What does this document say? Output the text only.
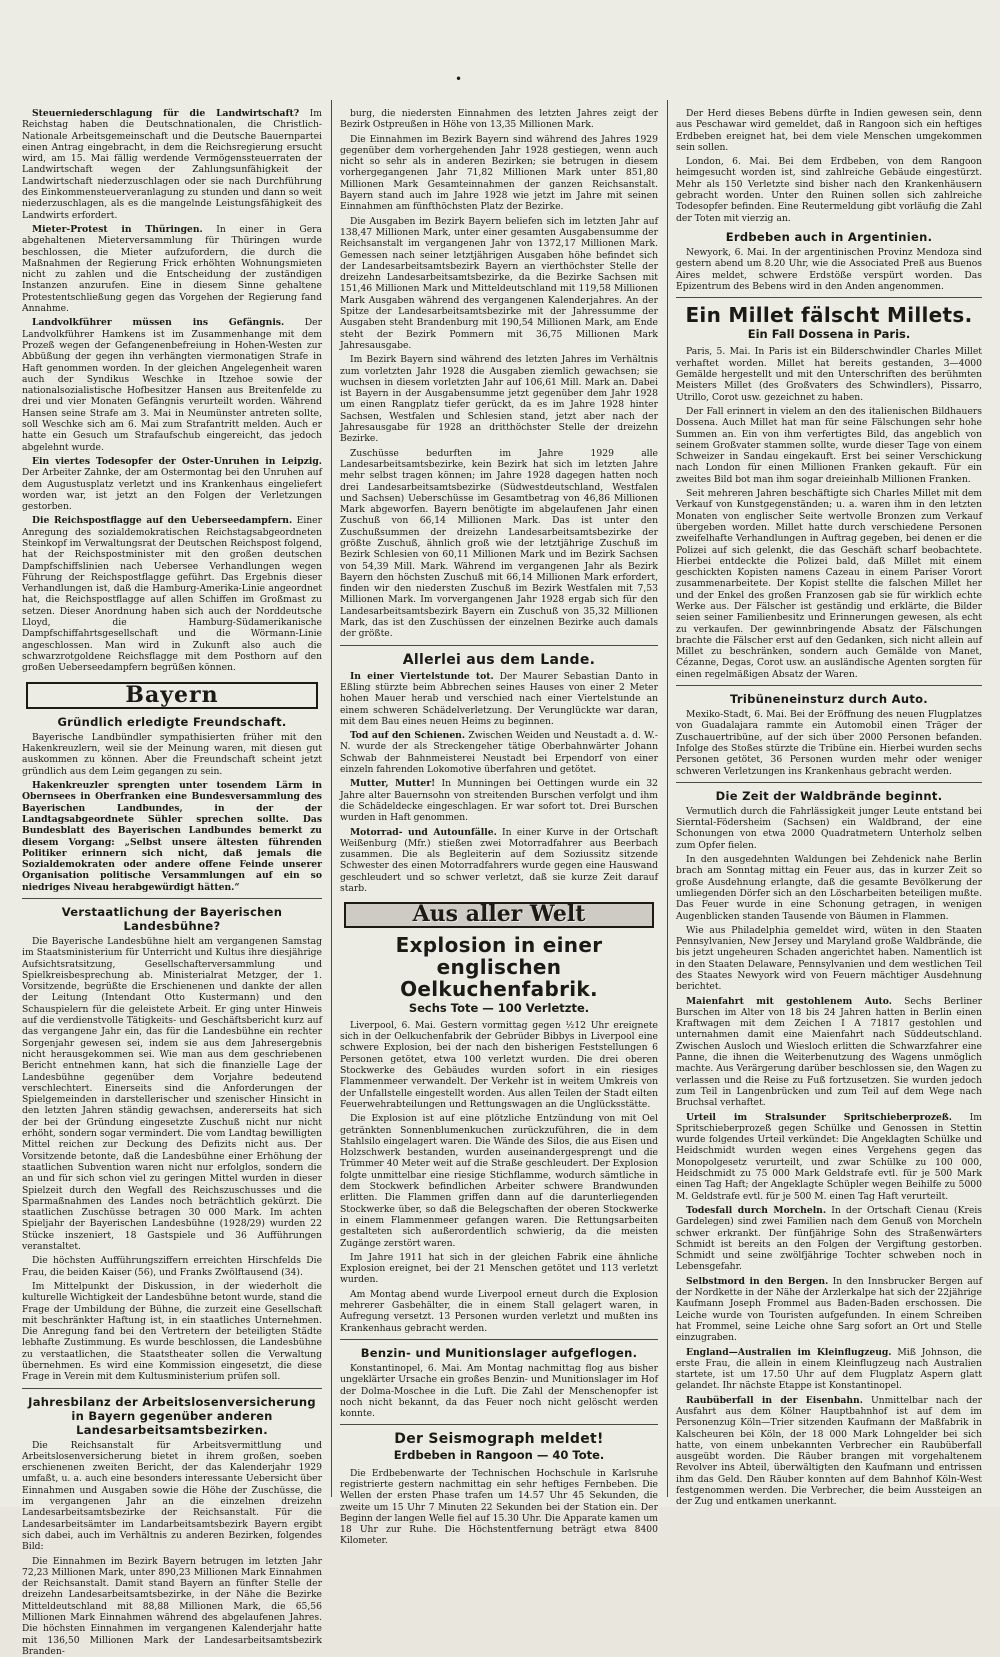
•

Steuerniederschlagung für die Landwirtschaft? Im Reichstag haben die Deutschnationalen, die Christlich-Nationale Arbeitsgemeinschaft und die Deutsche Bauernpartei einen Antrag eingebracht, in dem die Reichsregierung ersucht wird, am 15. Mai fällig werdende Vermögenssteuerraten der Landwirtschaft wegen der Zahlungsunfähigkeit der Landwirtschaft niederzuschlagen oder sie nach Durchführung des Einkommensteuerveranlagung zu stunden und dann so weit niederzuschlagen, als es die mangelnde Leistungsfähigkeit des Landwirts erfordert.

Mieter-Protest in Thüringen. In einer in Gera abgehaltenen Mieterversammlung für Thüringen wurde beschlossen, die Mieter aufzufordern, die durch die Maßnahmen der Regierung Frick erhöhten Wohnungsmieten nicht zu zahlen und die Entscheidung der zuständigen Instanzen anzurufen. Eine in diesem Sinne gehaltene Protestentschließung gegen das Vorgehen der Regierung fand Annahme.

Landvolkführer müssen ins Gefängnis. Der Landvolkführer Hamkens ist im Zusammenhange mit dem Prozeß wegen der Gefangenenbefreiung in Hohen-Westen zur Abbüßung der gegen ihn verhängten viermonatigen Strafe in Haft genommen worden. In der gleichen Angelegenheit waren auch der Syndikus Weschke in Itzehoe sowie der nationalsozialistische Hofbesitzer Hansen aus Breitenfelde zu drei und vier Monaten Gefängnis verurteilt worden. Während Hansen seine Strafe am 3. Mai in Neumünster antreten sollte, soll Weschke sich am 6. Mai zum Strafantritt melden. Auch er hatte ein Gesuch um Strafaufschub eingereicht, das jedoch abgelehnt wurde.

Ein viertes Todesopfer der Oster-Unruhen in Leipzig. Der Arbeiter Zahnke, der am Ostermontag bei den Unruhen auf dem Augustusplatz verletzt und ins Krankenhaus eingeliefert worden war, ist jetzt an den Folgen der Verletzungen gestorben.

Die Reichspostflagge auf den Ueberseedampfern. Einer Anregung des sozialdemokratischen Reichstagsabgeordneten Steinkopf im Verwaltungsrat der Deutschen Reichspost folgend, hat der Reichspostminister mit den großen deutschen Dampfschiffslinien nach Uebersee Verhandlungen wegen Führung der Reichspostflagge geführt. Das Ergebnis dieser Verhandlungen ist, daß die Hamburg-Amerika-Linie angeordnet hat, die Reichspostflagge auf allen Schiffen im Großmast zu setzen. Dieser Anordnung haben sich auch der Norddeutsche Lloyd, die Hamburg-Südamerikanische Dampfschiffahrtsgesellschaft und die Wörmann-Linie angeschlossen. Man wird in Zukunft also auch die schwarzrotgoldene Reichsflagge mit dem Posthorn auf den großen Ueberseedampfern begrüßen können.

Bayern
Gründlich erledigte Freundschaft.

Bayerische Landbündler sympathisierten früher mit den Hakenkreuzlern, weil sie der Meinung waren, mit diesen gut auskommen zu können. Aber die Freundschaft scheint jetzt gründlich aus dem Leim gegangen zu sein.

Hakenkreuzler sprengten unter tosendem Lärm in Obernsees in Oberfranken eine Bundesversammlung des Bayerischen Landbundes, in der der Landtagsabgeordnete Sühler sprechen sollte. Das Bundesblatt des Bayerischen Landbundes bemerkt zu diesem Vorgang: „Selbst unsere ältesten führenden Politiker erinnern sich nicht, daß jemals die Sozialdemokraten oder andere offene Feinde unserer Organisation politische Versammlungen auf ein so niedriges Niveau herabgewürdigt hätten.“

Verstaatlichung der Bayerischen Landesbühne?

Die Bayerische Landesbühne hielt am vergangenen Samstag im Staatsministerium für Unterricht und Kultus ihre diesjährige Aufsichtsratsitzung, Gesellschafterversammlung und Spielkreisbesprechung ab. Ministerialrat Metzger, der 1. Vorsitzende, begrüßte die Erschienenen und dankte der allen der Leitung (Intendant Otto Kustermann) und den Schauspielern für die geleistete Arbeit. Er ging unter Hinweis auf die verdienstvolle Tätigkeits- und Geschäftsbericht kurz auf das vergangene Jahr ein, das für die Landesbühne ein rechter Sorgenjahr gewesen sei, indem sie aus dem Jahresergebnis nicht herausgekommen sei. Wie man aus dem geschriebenen Bericht entnehmen kann, hat sich die finanzielle Lage der Landesbühne gegenüber dem Vorjahre bedeutend verschlechtert. Einerseits sind die Anforderungen der Spielgemeinden in darstellerischer und szenischer Hinsicht in den letzten Jahren ständig gewachsen, andererseits hat sich der bei der Gründung eingesetzte Zuschuß nicht nur nicht erhöht, sondern sogar vermindert. Die vom Landtag bewilligten Mittel reichen zur Deckung des Defizits nicht aus. Der Vorsitzende betonte, daß die Landesbühne einer Erhöhung der staatlichen Subvention waren nicht nur erfolglos, sondern die an und für sich schon viel zu geringen Mittel wurden in dieser Spielzeit durch den Wegfall des Reichszuschusses und die Sparmaßnahmen des Landes noch beträchtlich gekürzt. Die staatlichen Zuschüsse betragen 30 000 Mark. Im achten Spieljahr der Bayerischen Landesbühne (1928/29) wurden 22 Stücke inszeniert, 18 Gastspiele und 36 Aufführungen veranstaltet.

Die höchsten Aufführungsziffern erreichten Hirschfelds Die Frau, die beiden Kaiser (56), und Franks Zwölftausend (34).

Im Mittelpunkt der Diskussion, in der wiederholt die kulturelle Wichtigkeit der Landesbühne betont wurde, stand die Frage der Umbildung der Bühne, die zurzeit eine Gesellschaft mit beschränkter Haftung ist, in ein staatliches Unternehmen. Die Anregung fand bei den Vertretern der beteiligten Städte lebhafte Zustimmung. Es wurde beschlossen, die Landesbühne zu verstaatlichen, die Staatstheater sollen die Verwaltung übernehmen. Es wird eine Kommission eingesetzt, die diese Frage in Verein mit dem Kultusministerium prüfen soll.

Jahresbilanz der Arbeitslosenversicherung in Bayern gegenüber anderen Landesarbeitsamtsbezirken.

Die Reichsanstalt für Arbeitsvermittlung und Arbeitslosenversicherung bietet in ihrem großen, soeben erschienenen zweiten Bericht, der das Kalenderjahr 1929 umfaßt, u. a. auch eine besonders interessante Uebersicht über Einnahmen und Ausgaben sowie die Höhe der Zuschüsse, die im vergangenen Jahr an die einzelnen dreizehn Landesarbeitsamtsbezirke der Reichsanstalt. Für die Landesarbeitsämter im Landarbeitsamtsbezirk Bayern ergibt sich dabei, auch im Verhältnis zu anderen Bezirken, folgendes Bild:

Die Einnahmen im Bezirk Bayern betrugen im letzten Jahr 72,23 Millionen Mark, unter 890,23 Millionen Mark Einnahmen der Reichsanstalt. Damit stand Bayern an fünfter Stelle der dreizehn Landesarbeitsamtsbezirke, in der Nähe die Bezirke Mitteldeutschland mit 88,88 Millionen Mark, die 65,56 Millionen Mark Einnahmen während des abgelaufenen Jahres. Die höchsten Einnahmen im vergangenen Kalenderjahr hatte mit 136,50 Millionen Mark der Landesarbeitsamtsbezirk Branden-

burg, die niedersten Einnahmen des letzten Jahres zeigt der Bezirk Ostpreußen in Höhe von 13,35 Millionen Mark.

Die Einnahmen im Bezirk Bayern sind während des Jahres 1929 gegenüber dem vorhergehenden Jahr 1928 gestiegen, wenn auch nicht so sehr als in anderen Bezirken; sie betrugen in diesem vorhergegangenen Jahr 71,82 Millionen Mark unter 851,80 Millionen Mark Gesamteinnahmen der ganzen Reichsanstalt. Bayern stand auch im Jahre 1928 wie jetzt im Jahre mit seinen Einnahmen am fünfthöchsten Platz der Bezirke.

Die Ausgaben im Bezirk Bayern beliefen sich im letzten Jahr auf 138,47 Millionen Mark, unter einer gesamten Ausgabensumme der Reichsanstalt im vergangenen Jahr von 1372,17 Millionen Mark. Gemessen nach seiner letztjährigen Ausgaben höhe befindet sich der Landesarbeitsamtsbezirk Bayern an vierthöchster Stelle der dreizehn Landesarbeitsamtsbezirke, da die Bezirke Sachsen mit 151,46 Millionen Mark und Mitteldeutschland mit 119,58 Millionen Mark Ausgaben während des vergangenen Kalenderjahres. An der Spitze der Landesarbeitsamtsbezirke mit der Jahressumme der Ausgaben steht Brandenburg mit 190,54 Millionen Mark, am Ende steht der Bezirk Pommern mit 36,75 Millionen Mark Jahresausgabe.

Im Bezirk Bayern sind während des letzten Jahres im Verhältnis zum vorletzten Jahr 1928 die Ausgaben ziemlich gewachsen; sie wuchsen in diesem vorletzten Jahr auf 106,61 Mill. Mark an. Dabei ist Bayern in der Ausgabensumme jetzt gegenüber dem Jahr 1928 um einen Rangplatz tiefer gerückt, da es im Jahre 1928 hinter Sachsen, Westfalen und Schlesien stand, jetzt aber nach der Jahresausgabe für 1928 an dritthöchster Stelle der dreizehn Bezirke.

Zuschüsse bedurften im Jahre 1929 alle Landesarbeitsamtsbezirke, kein Bezirk hat sich im letzten Jahre mehr selbst tragen können; im Jahre 1928 dagegen hatten noch drei Landesarbeitsamtsbezirke (Südwestdeutschland, Westfalen und Sachsen) Ueberschüsse im Gesamtbetrag von 46,86 Millionen Mark abgeworfen. Bayern benötigte im abgelaufenen Jahr einen Zuschuß von 66,14 Millionen Mark. Das ist unter den Zuschußsummen der dreizehn Landesarbeitsamtsbezirke der größte Zuschuß, ähnlich groß wie der letztjährige Zuschuß im Bezirk Schlesien von 60,11 Millionen Mark und im Bezirk Sachsen von 54,39 Mill. Mark. Während im vergangenen Jahr als Bezirk Bayern den höchsten Zuschuß mit 66,14 Millionen Mark erfordert, finden wir den niedersten Zuschuß im Bezirk Westfalen mit 7,53 Millionen Mark. Im vorvergangenen Jahr 1928 ergab sich für den Landesarbeitsamtsbezirk Bayern ein Zuschuß von 35,32 Millionen Mark, das ist den Zuschüssen der einzelnen Bezirke auch damals der größte.

Allerlei aus dem Lande.

In einer Viertelstunde tot. Der Maurer Sebastian Danto in Eßling stürzte beim Abbrechen seines Hauses von einer 2 Meter hohen Mauer herab und verschied nach einer Viertelstunde an einem schweren Schädelverletzung. Der Verunglückte war daran, mit dem Bau eines neuen Heims zu beginnen.

Tod auf den Schienen. Zwischen Weiden und Neustadt a. d. W.-N. wurde der als Streckengeher tätige Oberbahnwärter Johann Schwab der Bahnmeisterei Neustadt bei Erpendorf von einer einzeln fahrenden Lokomotive überfahren und getötet.

Mutter, Mutter! In Munningen bei Oettingen wurde ein 32 Jahre alter Bauernsohn von streitenden Burschen verfolgt und ihm die Schädeldecke eingeschlagen. Er war sofort tot. Drei Burschen wurden in Haft genommen.

Motorrad- und Autounfälle. In einer Kurve in der Ortschaft Weißenburg (Mfr.) stießen zwei Motorradfahrer aus Beerbach zusammen. Die als Begleiterin auf dem Soziussitz sitzende Schwester des einen Motorradfahrers wurde gegen eine Hauswand geschleudert und so schwer verletzt, daß sie kurze Zeit darauf starb.

Aus aller Welt
Explosion in einer englischen Oelkuchenfabrik.
Sechs Tote — 100 Verletzte.

Liverpool, 6. Mai. Gestern vormittag gegen ½12 Uhr ereignete sich in der Oelkuchenfabrik der Gebrüder Bibbys in Liverpool eine schwere Explosion, bei der nach den bisherigen Feststellungen 6 Personen getötet, etwa 100 verletzt wurden. Die drei oberen Stockwerke des Gebäudes wurden sofort in ein riesiges Flammenmeer verwandelt. Der Verkehr ist in weitem Umkreis von der Unfallstelle eingestellt worden. Aus allen Teilen der Stadt eilten Feuerwehrabteilungen und Rettungswagen an die Unglücksstätte.

Die Explosion ist auf eine plötzliche Entzündung von mit Oel getränkten Sonnenblumenkuchen zurückzuführen, die in dem Stahlsilo eingelagert waren. Die Wände des Silos, die aus Eisen und Holzschwerk bestanden, wurden auseinandergesprengt und die Trümmer 40 Meter weit auf die Straße geschleudert. Der Explosion folgte unmittelbar eine riesige Stichflamme, wodurch sämtliche in dem Stockwerk befindlichen Arbeiter schwere Brandwunden erlitten. Die Flammen griffen dann auf die darunterliegenden Stockwerke über, so daß die Belegschaften der oberen Stockwerke in einem Flammenmeer gefangen waren. Die Rettungsarbeiten gestalteten sich außerordentlich schwierig, da die meisten Zugänge zerstört waren.

Im Jahre 1911 hat sich in der gleichen Fabrik eine ähnliche Explosion ereignet, bei der 21 Menschen getötet und 113 verletzt wurden.

Am Montag abend wurde Liverpool erneut durch die Explosion mehrerer Gasbehälter, die in einem Stall gelagert waren, in Aufregung versetzt. 13 Personen wurden verletzt und mußten ins Krankenhaus gebracht werden.

Benzin- und Munitionslager aufgeflogen.

Konstantinopel, 6. Mai. Am Montag nachmittag flog aus bisher ungeklärter Ursache ein großes Benzin- und Munitionslager im Hof der Dolma-Moschee in die Luft. Die Zahl der Menschenopfer ist noch nicht bekannt, da das Feuer noch nicht gelöscht werden konnte.

Der Seismograph meldet!
Erdbeben in Rangoon — 40 Tote.

Die Erdbebenwarte der Technischen Hochschule in Karlsruhe registrierte gestern nachmittag ein sehr heftiges Fernbeben. Die Wellen der ersten Phase trafen um 14.57 Uhr 45 Sekunden, die zweite um 15 Uhr 7 Minuten 22 Sekunden bei der Station ein. Der Beginn der langen Welle fiel auf 15.30 Uhr. Die Apparate kamen um 18 Uhr zur Ruhe. Die Höchstentfernung beträgt etwa 8400 Kilometer.

Der Herd dieses Bebens dürfte in Indien gewesen sein, denn aus Peschawar wird gemeldet, daß in Rangoon sich ein heftiges Erdbeben ereignet hat, bei dem viele Menschen umgekommen sein sollen.

London, 6. Mai. Bei dem Erdbeben, von dem Rangoon heimgesucht worden ist, sind zahlreiche Gebäude eingestürzt. Mehr als 150 Verletzte sind bisher nach den Krankenhäusern gebracht worden. Unter den Ruinen sollen sich zahlreiche Todesopfer befinden. Eine Reutermeldung gibt vorläufig die Zahl der Toten mit vierzig an.

Erdbeben auch in Argentinien.

Newyork, 6. Mai. In der argentinischen Provinz Mendoza sind gestern abend um 8.20 Uhr, wie die Associated Preß aus Buenos Aires meldet, schwere Erdstöße verspürt worden. Das Epizentrum des Bebens wird in den Anden angenommen.

Ein Millet fälscht Millets.
Ein Fall Dossena in Paris.

Paris, 5. Mai. In Paris ist ein Bilderschwindler Charles Millet verhaftet worden. Millet hat bereits gestanden, 3—4000 Gemälde hergestellt und mit den Unterschriften des berühmten Meisters Millet (des Großvaters des Schwindlers), Pissarro, Utrillo, Corot usw. gezeichnet zu haben.

Der Fall erinnert in vielem an den des italienischen Bildhauers Dossena. Auch Millet hat man für seine Fälschungen sehr hohe Summen an. Ein von ihm verfertigtes Bild, das angeblich von seinem Großvater stammen sollte, wurde dieser Tage von einem Schweizer in Sandau eingekauft. Erst bei seiner Verschickung nach London für einen Millionen Franken gekauft. Für ein zweites Bild bot man ihm sogar dreieinhalb Millionen Franken.

Seit mehreren Jahren beschäftigte sich Charles Millet mit dem Verkauf von Kunstgegenständen; u. a. waren ihm in den letzten Monaten von englischer Seite wertvolle Bronzen zum Verkauf übergeben worden. Millet hatte durch verschiedene Personen zweifelhafte Verhandlungen in Auftrag gegeben, bei denen er die Polizei auf sich gelenkt, die das Geschäft scharf beobachtete. Hierbei entdeckte die Polizei bald, daß Millet mit einem geschickten Kopisten namens Cazeau in einem Pariser Vorort zusammenarbeitete. Der Kopist stellte die falschen Millet her und der Enkel des großen Franzosen gab sie für wirklich echte Werke aus. Der Fälscher ist geständig und erklärte, die Bilder seien seiner Familienbesitz und Erinnerungen gewesen, als echt zu verkaufen. Der gewinnbringende Absatz der Fälschungen brachte die Fälscher erst auf den Gedanken, sich nicht allein auf Millet zu beschränken, sondern auch Gemälde von Manet, Cézanne, Degas, Corot usw. an ausländische Agenten sorgten für einen regelmäßigen Absatz der Waren.

Tribüneneinsturz durch Auto.

Mexiko-Stadt, 6. Mai. Bei der Eröffnung des neuen Flugplatzes von Guadalajara rammte ein Automobil einen Träger der Zuschauertribüne, auf der sich über 2000 Personen befanden. Infolge des Stoßes stürzte die Tribüne ein. Hierbei wurden sechs Personen getötet, 36 Personen wurden mehr oder weniger schweren Verletzungen ins Krankenhaus gebracht werden.

Die Zeit der Waldbrände beginnt.

Vermutlich durch die Fahrlässigkeit junger Leute entstand bei Sierntal-Födersheim (Sachsen) ein Waldbrand, der eine Schonungen von etwa 2000 Quadratmetern Unterholz selben zum Opfer fielen.

In den ausgedehnten Waldungen bei Zehdenick nahe Berlin brach am Sonntag mittag ein Feuer aus, das in kurzer Zeit so große Ausdehnung erlangte, daß die gesamte Bevölkerung der umliegenden Dörfer sich an den Löscharbeiten beteiligen mußte. Das Feuer wurde in eine Schonung getragen, in wenigen Augenblicken standen Tausende von Bäumen in Flammen.

Wie aus Philadelphia gemeldet wird, wüten in den Staaten Pennsylvanien, New Jersey und Maryland große Waldbrände, die bis jetzt ungeheuren Schaden angerichtet haben. Namentlich ist in den Staaten Delaware, Pennsylvanien und dem westlichen Teil des Staates Newyork wird von Feuern mächtiger Ausdehnung berichtet.

Maienfahrt mit gestohlenem Auto. Sechs Berliner Burschen im Alter von 18 bis 24 Jahren hatten in Berlin einen Kraftwagen mit dem Zeichen I A 71817 gestohlen und unternahmen damit eine Maienfahrt nach Süddeutschland. Zwischen Ausloch und Wiesloch erlitten die Schwarzfahrer eine Panne, die ihnen die Weiterbenutzung des Wagens unmöglich machte. Aus Verärgerung darüber beschlossen sie, den Wagen zu verlassen und die Reise zu Fuß fortzusetzen. Sie wurden jedoch zum Teil in Langenbrücken und zum Teil auf dem Wege nach Bruchsal verhaftet.

Urteil im Stralsunder Spritschieberprozeß. Im Spritschieberprozeß gegen Schülke und Genossen in Stettin wurde folgendes Urteil verkündet: Die Angeklagten Schülke und Heidschmidt wurden wegen eines Vergehens gegen das Monopolgesetz verurteilt, und zwar Schülke zu 100 000, Heidschmidt zu 75 000 Mark Geldstrafe evtl. für je 500 Mark einen Tag Haft; der Angeklagte Schüpler wegen Beihilfe zu 5000 M. Geldstrafe evtl. für je 500 M. einen Tag Haft verurteilt.

Todesfall durch Morcheln. In der Ortschaft Cienau (Kreis Gardelegen) sind zwei Familien nach dem Genuß von Morcheln schwer erkrankt. Der fünfjährige Sohn des Straßenwärters Schmidt ist bereits an den Folgen der Vergiftung gestorben. Schmidt und seine zwölfjährige Tochter schweben noch in Lebensgefahr.

Selbstmord in den Bergen. In den Innsbrucker Bergen auf der Nordkette in der Nähe der Arzlerkalpe hat sich der 22jährige Kaufmann Joseph Frommel aus Baden-Baden erschossen. Die Leiche wurde von Touristen aufgefunden. In einem Schreiben hat Frommel, seine Leiche ohne Sarg sofort an Ort und Stelle einzugraben.

England—Australien im Kleinflugzeug. Miß Johnson, die erste Frau, die allein in einem Kleinflugzeug nach Australien startete, ist um 17.50 Uhr auf dem Flugplatz Aspern glatt gelandet. Ihr nächste Etappe ist Konstantinopel.

Raubüberfall in der Eisenbahn. Unmittelbar nach der Ausfahrt aus dem Kölner Hauptbahnhof ist auf dem im Personenzug Köln—Trier sitzenden Kaufmann der Maßfabrik in Kalscheuren bei Köln, der 18 000 Mark Lohngelder bei sich hatte, von einem unbekannten Verbrecher ein Raubüberfall ausgeübt worden. Die Räuber brangen mit vorgehaltenem Revolver ins Abteil, überwältigten den Kaufmann und entrissen ihm das Geld. Den Räuber konnten auf dem Bahnhof Köln-West festgenommen werden. Die Verbrecher, die beim Aussteigen an der Zug und entkamen unerkannt.
